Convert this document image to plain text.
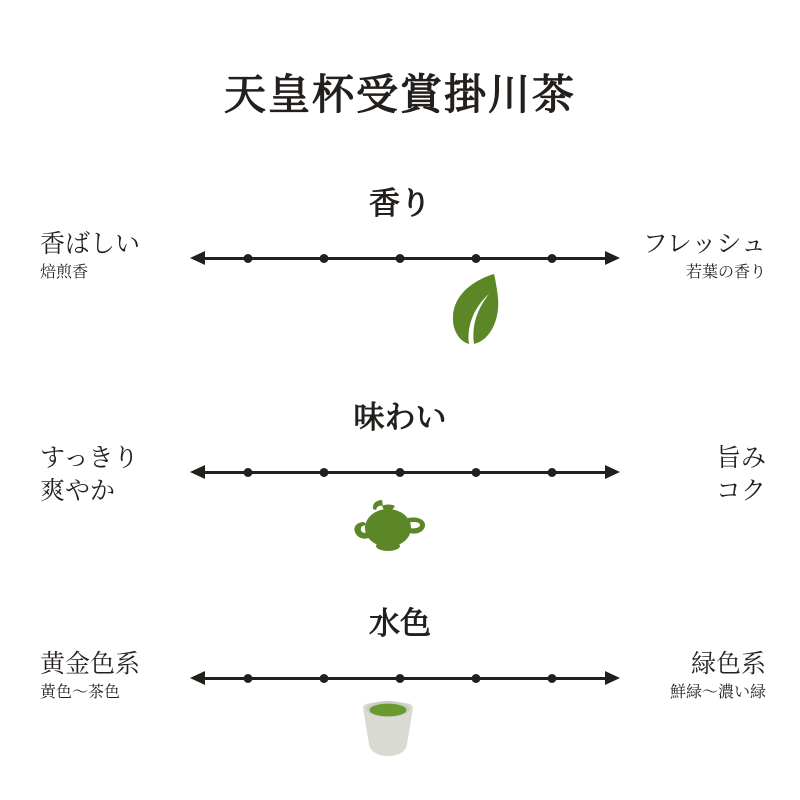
天皇杯受賞掛川茶
香り
香ばしい
焙煎香
フレッシュ
若葉の香り
味わい
すっきり
爽やか
旨み
コク
水色
黄金色系
黄色〜茶色
緑色系
鮮緑〜濃い緑
